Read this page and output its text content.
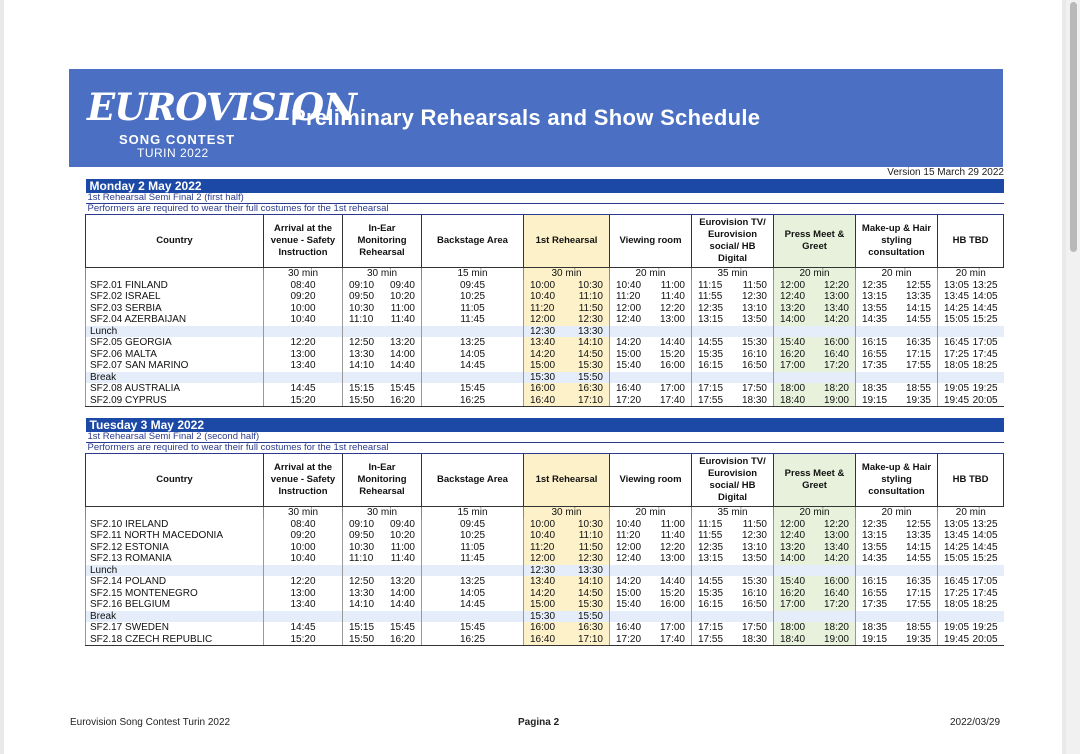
EUROVISION
SONG CONTEST
TURIN 2022
Preliminary Rehearsals and Show Schedule
Version 15 March 29 2022
Monday 2 May 2022									
1st Rehearsal Semi Final 2 (first half)									
Performers are required to wear their full costumes for the 1st rehearsal									
Country	Arrival at the venue - Safety Instruction	In-Ear Monitoring Rehearsal	Backstage Area	1st Rehearsal	Viewing room	Eurovision TV/ Eurovision social/ HB Digital	Press Meet & Greet	Make-up & Hair styling consultation	HB TBD
	30 min	30 min	15 min	30 min	20 min	35 min	20 min	20 min	20 min
SF2.01 FINLAND	08:40	09:10 09:40	09:45	10:00 10:30	10:40 11:00	11:15 11:50	12:00 12:20	12:35 12:55	13:05 13:25

SF2.02 ISRAEL	09:20	09:50 10:20	10:25	10:40 11:10	11:20 11:40	11:55 12:30	12:40 13:00	13:15 13:35	13:45 14:05

SF2.03 SERBIA	10:00	10:30 11:00	11:05	11:20 11:50	12:00 12:20	12:35 13:10	13:20 13:40	13:55 14:15	14:25 14:45

SF2.04 AZERBAIJAN	10:40	11:10 11:40	11:45	12:00 12:30	12:40 13:00	13:15 13:50	14:00 14:20	14:35 14:55	15:05 15:25

Lunch				12:30 13:30					

SF2.05 GEORGIA	12:20	12:50 13:20	13:25	13:40 14:10	14:20 14:40	14:55 15:30	15:40 16:00	16:15 16:35	16:45 17:05

SF2.06 MALTA	13:00	13:30 14:00	14:05	14:20 14:50	15:00 15:20	15:35 16:10	16:20 16:40	16:55 17:15	17:25 17:45

SF2.07 SAN MARINO	13:40	14:10 14:40	14:45	15:00 15:30	15:40 16:00	16:15 16:50	17:00 17:20	17:35 17:55	18:05 18:25

Break				15:30 15:50					

SF2.08 AUSTRALIA	14:45	15:15 15:45	15:45	16:00 16:30	16:40 17:00	17:15 17:50	18:00 18:20	18:35 18:55	19:05 19:25

SF2.09 CYPRUS	15:20	15:50 16:20	16:25	16:40 17:10	17:20 17:40	17:55 18:30	18:40 19:00	19:15 19:35	19:45 20:05
Tuesday 3 May 2022									
1st Rehearsal Semi Final 2 (second half)									
Performers are required to wear their full costumes for the 1st rehearsal									
Country	Arrival at the venue - Safety Instruction	In-Ear Monitoring Rehearsal	Backstage Area	1st Rehearsal	Viewing room	Eurovision TV/ Eurovision social/ HB Digital	Press Meet & Greet	Make-up & Hair styling consultation	HB TBD
	30 min	30 min	15 min	30 min	20 min	35 min	20 min	20 min	20 min
SF2.10 IRELAND	08:40	09:10 09:40	09:45	10:00 10:30	10:40 11:00	11:15 11:50	12:00 12:20	12:35 12:55	13:05 13:25

SF2.11 NORTH MACEDONIA	09:20	09:50 10:20	10:25	10:40 11:10	11:20 11:40	11:55 12:30	12:40 13:00	13:15 13:35	13:45 14:05

SF2.12 ESTONIA	10:00	10:30 11:00	11:05	11:20 11:50	12:00 12:20	12:35 13:10	13:20 13:40	13:55 14:15	14:25 14:45

SF2.13 ROMANIA	10:40	11:10 11:40	11:45	12:00 12:30	12:40 13:00	13:15 13:50	14:00 14:20	14:35 14:55	15:05 15:25

Lunch				12:30 13:30					

SF2.14 POLAND	12:20	12:50 13:20	13:25	13:40 14:10	14:20 14:40	14:55 15:30	15:40 16:00	16:15 16:35	16:45 17:05

SF2.15 MONTENEGRO	13:00	13:30 14:00	14:05	14:20 14:50	15:00 15:20	15:35 16:10	16:20 16:40	16:55 17:15	17:25 17:45

SF2.16 BELGIUM	13:40	14:10 14:40	14:45	15:00 15:30	15:40 16:00	16:15 16:50	17:00 17:20	17:35 17:55	18:05 18:25

Break				15:30 15:50					

SF2.17 SWEDEN	14:45	15:15 15:45	15:45	16:00 16:30	16:40 17:00	17:15 17:50	18:00 18:20	18:35 18:55	19:05 19:25

SF2.18 CZECH REPUBLIC	15:20	15:50 16:20	16:25	16:40 17:10	17:20 17:40	17:55 18:30	18:40 19:00	19:15 19:35	19:45 20:05
Eurovision Song Contest Turin 2022	Pagina 2	2022/03/29
